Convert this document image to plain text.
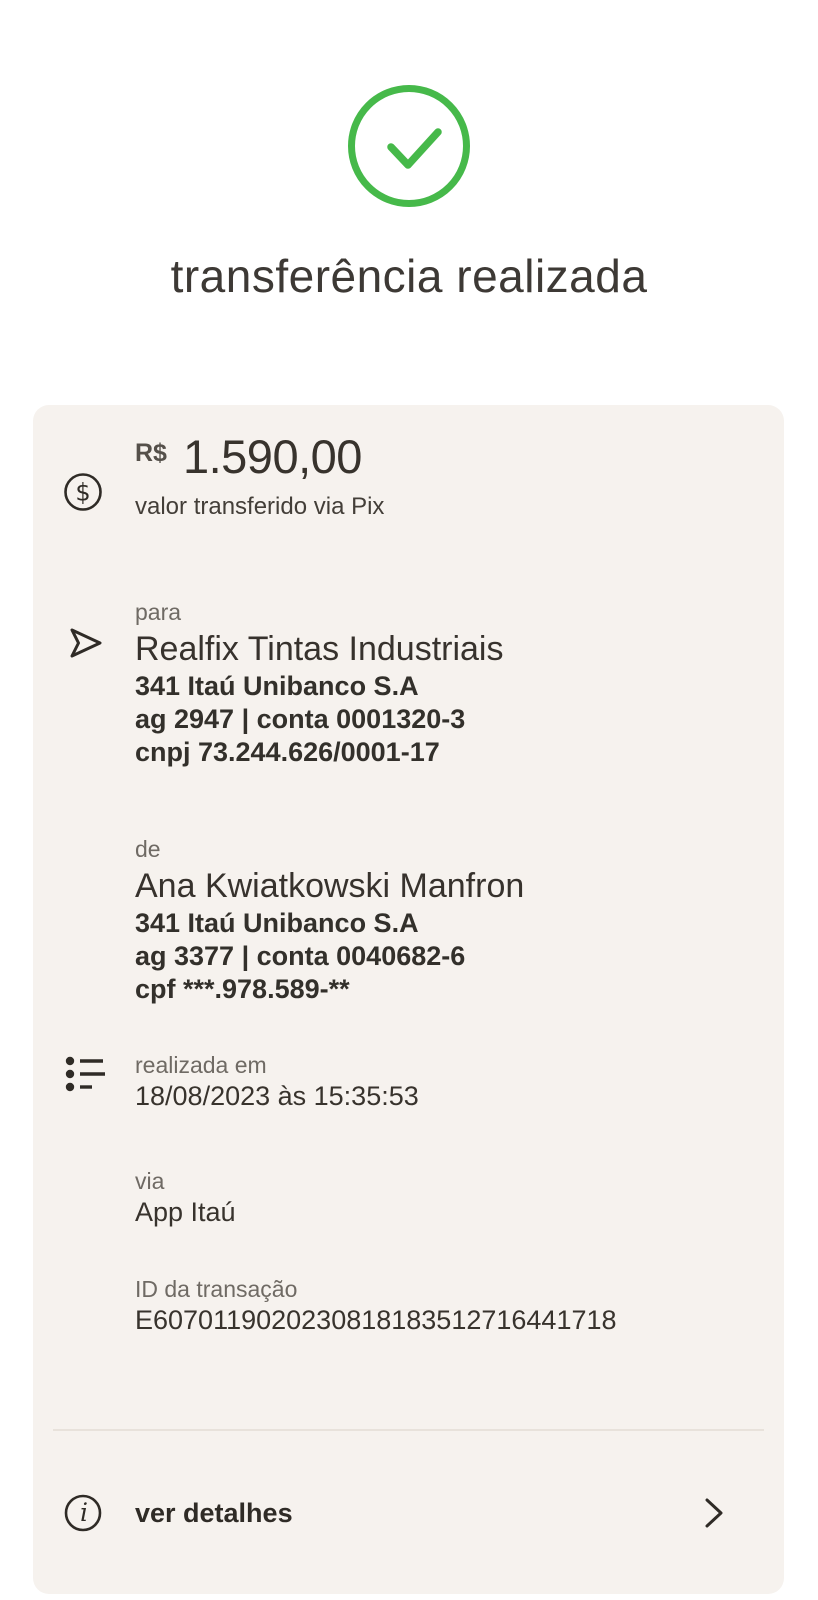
transferência realizada
$
R$ 1.590,00
valor transferido via Pix
para
Realfix Tintas Industriais
341 Itaú Unibanco S.A
ag 2947 | conta 0001320-3
cnpj 73.244.626/0001-17
de
Ana Kwiatkowski Manfron
341 Itaú Unibanco S.A
ag 3377 | conta 0040682-6
cpf ***.978.589-**
realizada em
18/08/2023 às 15:35:53
via
App Itaú
ID da transação
E6070119020230818183512716441718
i ver detalhes
